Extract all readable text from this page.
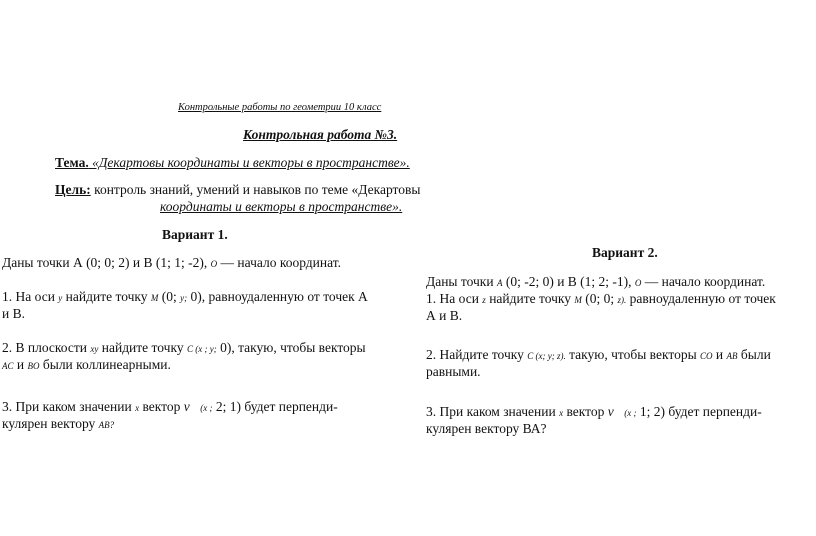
Контрольные работы по геометрии 10 класс
Контрольная работа №3.
Тема. «Декартовы координаты и векторы в пространстве».
Цель: контроль знаний, умений и навыков по теме «Декартовы
координаты и векторы в пространстве».
Вариант 1.
Даны точки А (0; 0; 2) и В (1; 1; -2), O — начало координат.
1. На оси y найдите точку M (0; y; 0), равноудаленную от точек А
и В.
2. В плоскости xy найдите точку C (x ; y; 0), такую, чтобы векторы
AC и BO были коллинеарными.
3. При каком значении x вектор v⃗(x ; 2; 1) будет перпенди-
кулярен вектору AB?
Вариант 2.
Даны точки A (0; -2; 0) и В (1; 2; -1), O — начало координат.
1. На оси z найдите точку M (0; 0; z). равноудаленную от точек
А и В.
2. Найдите точку C (x; y; z). такую, чтобы векторы CO и AB были
равными.
3. При каком значении x вектор v⃗(x ; 1; 2) будет перпенди-
кулярен вектору ВА?
